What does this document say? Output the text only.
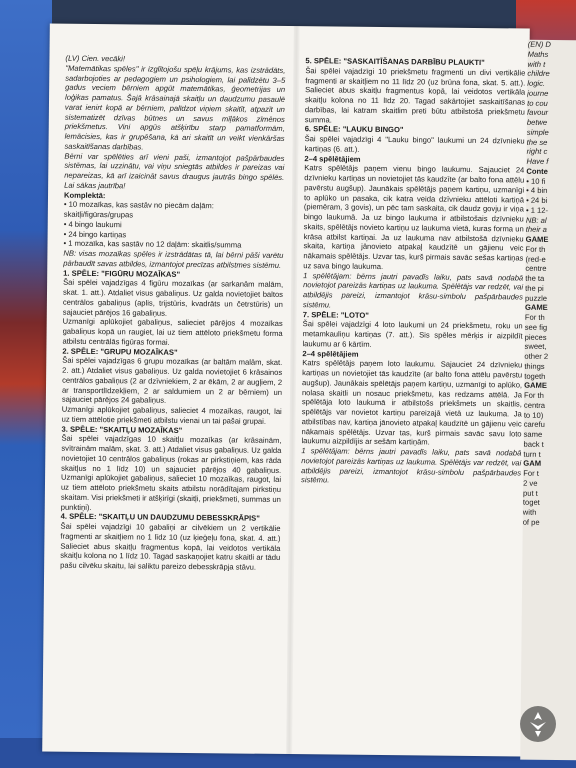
(LV) Cien. vecāki!

"Matemātikas spēles" ir izglītojošu spēļu krājums, kas izstrādāts, sadarbojoties ar pedagogiem un psihologiem, lai palīdzētu 3–5 gadus veciem bērniem apgūt matemātikas, ģeometrijas un loģikas pamatus. Šajā krāsainajā skaitļu un daudzumu pasaulē varat ienirt kopā ar bērniem, palīdzot viņiem skaitīt, atpazīt un sistematizēt dzīvas būtnes un savus mīļākos zīmēnos priekšmetus. Vini apgūs atšķirību starp pamatformām, lemācisies, kas ir grupēšana, kā ari skaitīt un veikt vienkāršas saskaitīšanas darbības.

Bērni var spēlēties arī vieni paši, izmantojot pašpārbaudes sistēmas, lai uzzinātu, vai viņu sniegtās atbildes ir pareizas vai nepareizas, kā arī izaicināt savus draugus jautrās bingo spēlēs. Lai sākas jautrība!

Komplektā:

• 10 mozaīkas, kas sastāv no piecām daļām:

skaitļi/figūras/grupas

• 4 bingo laukumi

• 24 bingo kartiņas

• 1 mozaīka, kas sastāv no 12 daļām: skaitlis/summa

NB: visas mozaīkas spēles ir izstrādātas tā, lai bērni pāši varētu pārbaudīt savas atbildes, izmantojot precīzas atbilstmes sistēmu.

1. SPĒLE: "FIGŪRU MOZAĪKAS"

Šai spēlei vajadzīgas 4 figūru mozaīkas (ar sarkanām malām, skat. 1. att.). Atdaliet visus gabaliņus. Uz galda novietojiet baltos centrālos gabaliņus (aplis, trijstūris, kvadrāts un četrstūris) un sajauciet pārējos 16 gabaliņus.

Uzmanīgi aplūkojiet gabaliņus, salieciet pārējos 4 mozaīkas gabaliņus kopā un raugiet, lai uz tiem attēloto priekšmetu forma atbilstu centrālās figūras formai.

2. SPĒLE: "GRUPU MOZAĪKAS"

Šai spēlei vajadzīgas 6 grupu mozaīkas (ar baltām malām, skat. 2. att.) Atdaliet visus gabaliņus. Uz galda novietojiet 6 krāsainos centrālos gabaliņus (2 ar dzīvniekiem, 2 ar ēkām, 2 ar augļiem, 2 ar transportlīdzekļiem, 2 ar saldumiem un 2 ar bērniem) un sajauciet pārējos 24 gabaliņus.

Uzmanīgi aplūkojiet gabaliņus, salieciet 4 mozaīkas, raugot, lai uz tiem attēlotie priekšmeti atbilstu vienai un tai pašai grupai.

3. SPĒLE: "SKAITĻU MOZAĪKAS"

Šai spēlei vajadzīgas 10 skaitļu mozaīkas (ar krāsainām, svītrainām malām, skat. 3. att.) Atdaliet visus gabaliņus. Uz galda novietojiet 10 centrālos gabaliņus (rokas ar pirkstiņiem, kas rāda skaitļus no 1 līdz 10) un sajauciet pārējos 40 gabaliņus. Uzmanīgi aplūkojiet gabaliņus, salieciet 10 mozaīkas, raugot, lai uz tiem attēloto priekšmetu skaits atbilstu norādītajam pirkstiņu skaitam. Visi priekšmeti ir atšķirīgi (skaitļi, priekšmeti, summas un punktiņi).

4. SPĒLE: "SKAITĻU UN DAUDZUMU DEBESSKRĀPIS"

Šai spēlei vajadzīgi 10 gabaliņi ar cilvēkiem un 2 vertikālie fragmenti ar skaitļiem no 1 līdz 10 (uz ķieģeļu fona, skat. 4. att.) Salieciet abus skaitļu fragmentus kopā, lai veidotos vertikāla skaitļu kolona no 1 līdz 10. Tagad saskaņojiet katru skaitli ar tādu pašu cilvēku skaitu, lai saliktu pareizo debesskrāpja stāvu.

5. SPĒLE: "SASKAITĪŠANAS DARBĪBU PLAUKTI"

Šai spēlei vajadzīgi 10 priekšmetu fragmenti un divi vertikālie fragmenti ar skaitļiem no 11 līdz 20 (uz brūna fona, skat. 5. att.). Salieciet abus skaitļu fragmentus kopā, lai veidotos vertikāla skaitļu kolona no 11 līdz 20. Tagad sakārtojiet saskaitīšanas darbības, lai katram skaitlim preti būtu atbilstošā priekšmetu summa.

6. SPĒLE: "LAUKU BINGO"

Šai spēlei vajadzīgi 4 "Lauku bingo" laukumi un 24 dzīvnieku kartiņas (6. att.).

2–4 spēlētājiem

Katrs spēlētājs paņem vienu bingo laukumu. Sajauciet 24 dzīvnieku kartiņas un novietojiet tās kaudzīte (ar balto fona attēlu pavērstu augšup). Jaunākais spēlētājs paņem kartiņu, uzmanīgi to aplūko un pasaka, cik katra veida dzīvnieku attēloti kartiņā (piemēram, 3 govis), un pēc tam saskaita, cik daudz govju ir viņa bingo laukumā. Ja uz bingo laukuma ir atbilstošais dzīvnieku skaits, spēlētājs novieto kartiņu uz laukuma vietā, kuras forma un krāsa atbilst kartiņai. Ja uz laukuma nav atbilstošā dzīvnieku skaita, kartiņa jānovieto atpakaļ kaudzītē un gājienu veic nākamais spēlētājs. Uzvar tas, kurš pirmais savāc sešas kartiņas uz sava bingo laukuma.

1 spēlētājam: bērns jautri pavadīs laiku, pats savā nodabā novietojot pareizās kartiņas uz laukuma. Spēlētājs var redzēt, vai atbildējis pareizi, izmantojot krāsu-simbolu pašpārbaudes sistēmu.

7. SPĒLE: "LOTO"

Šai spēlei vajadzīgi 4 loto laukumi un 24 priekšmetu, roku un metamkauliņu kartiņas (7. att.). Sis spēles mērķis ir aizpildīt laukumu ar 6 kārtīm.

2–4 spēlētājiem

Katrs spēlētājs paņem loto laukumu. Sajauciet 24 dzīvnieku kartiņas un novietojiet tās kaudzīte (ar balto fona attēlu pavērstu augšup). Jaunākais spēlētājs paņem kartiņu, uzmanīgi to aplūko, nolasa skaitli un nosauc priekšmetu, kas redzams attēlā. Ja spēlētāja loto laukumā ir atbilstošs priekšmets un skaitlis, spēlētājs var novietot kartiņu pareizajā vietā uz laukuma. Ja atbilstības nav, kartiņa jānovieto atpakaļ kaudzītē un gājienu veic nākamais spēlētājs. Uzvar tas, kurš pirmais savāc savu loto laukumu aizpildījis ar sešām kartiņām.

1 spēlētājam: bērns jautri pavadīs laiku, pats savā nodabā novietojot pareizās kartiņas uz laukuma. Spēlētājs var redzēt, vai atbildējis pareizi, izmantojot krāsu-simbolu pašpārbaudes sistēmu.

(EN) D
Maths
with t
childre
logic.
journe
to cou
favour
betwe
simple
the se
right c
Have f
Conte
• 10 fi
• 4 bin
• 24 bi
• 1 12-
NB: al
their a
GAME
For th
(red-e
centre
the ta
the pi
puzzle
GAME
For th
see fig
pieces
sweet,
other 2
things
togeth
GAME
For th
centra
to 10)
carefu
same
back t
turn t
GAM
For t
2 ve
put t
toget
with
of pe
